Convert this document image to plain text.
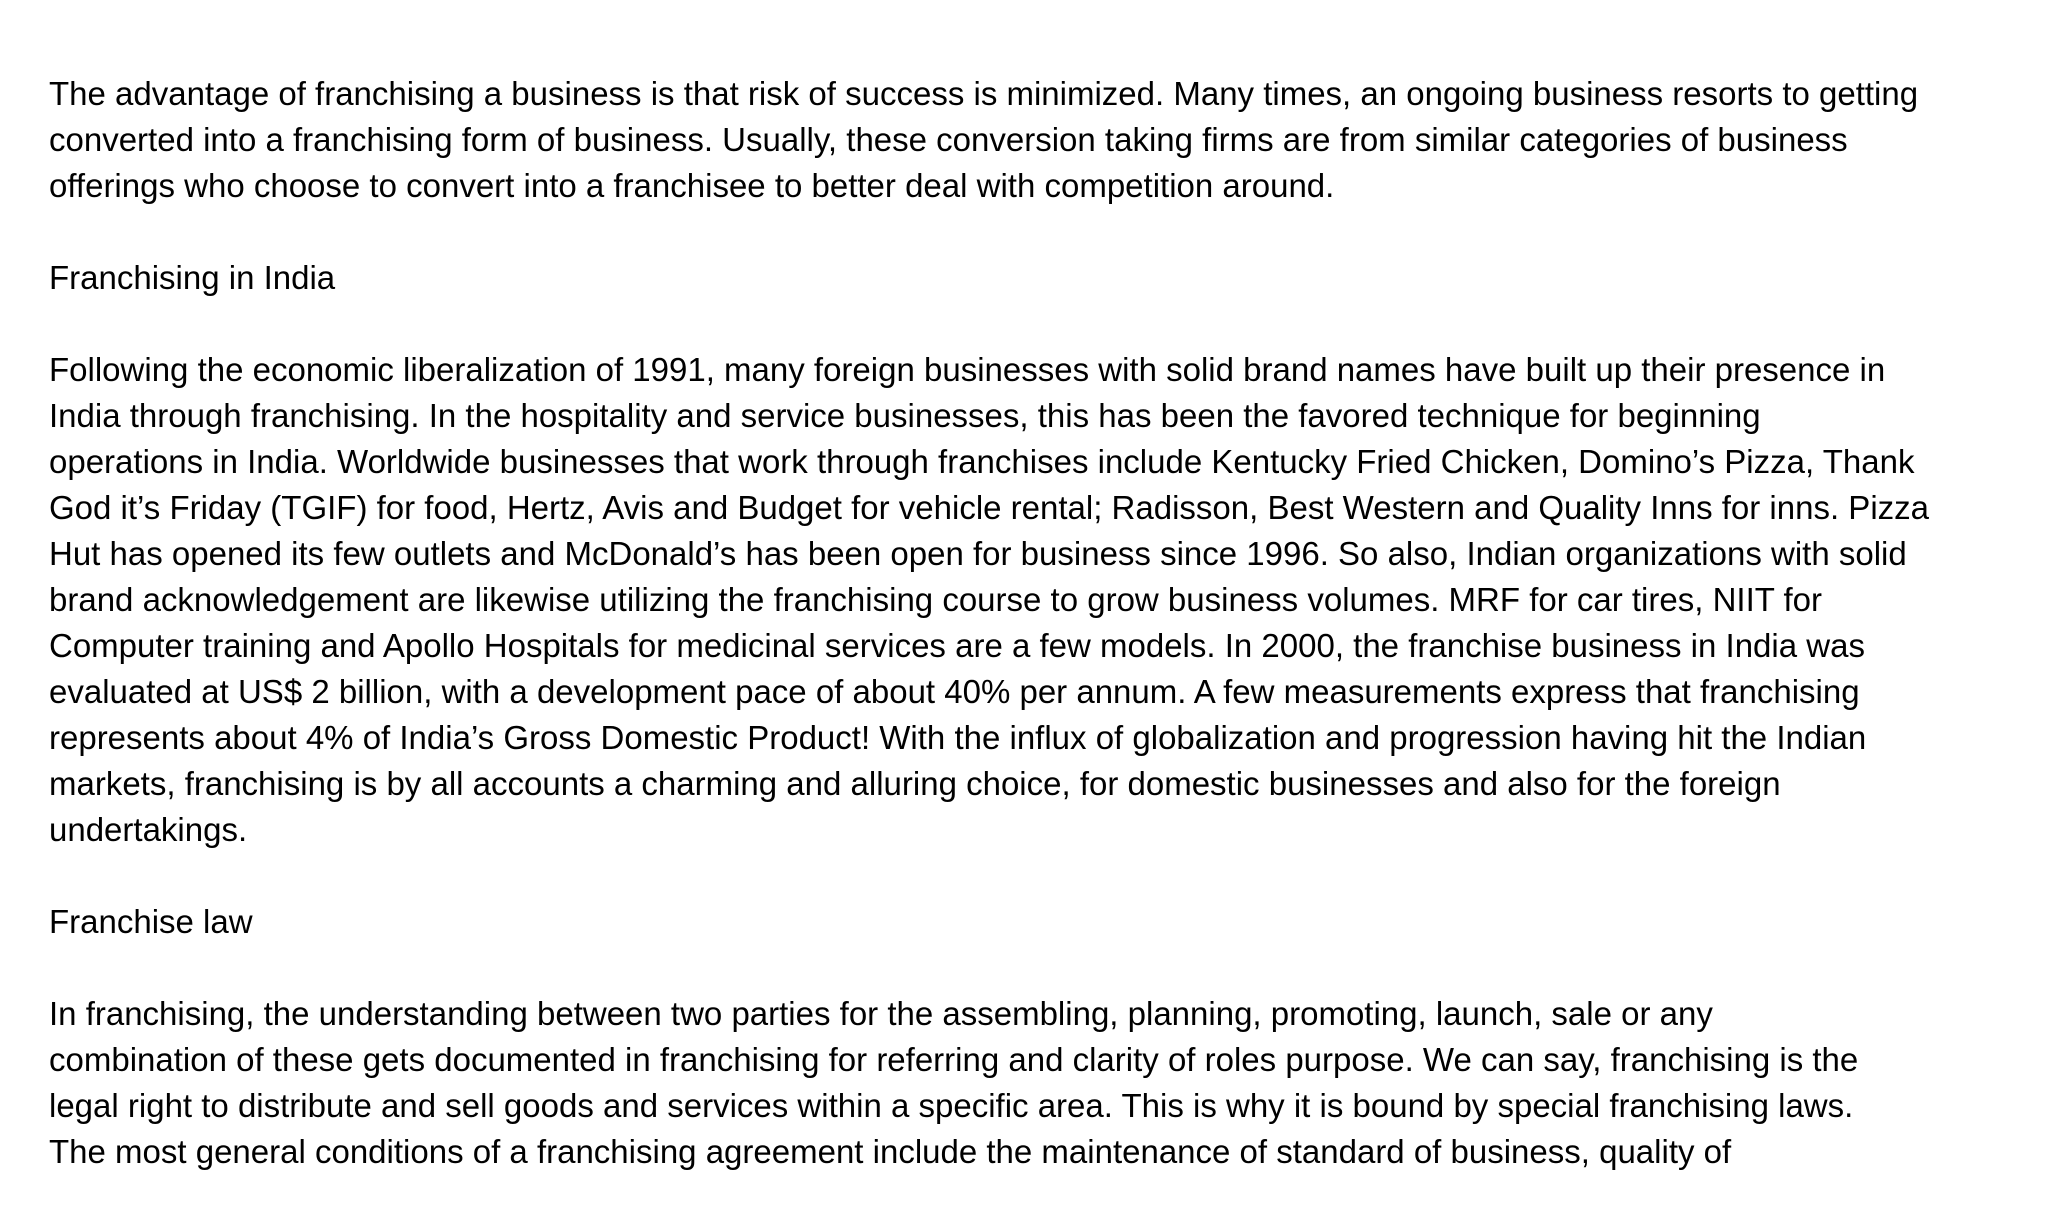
The advantage of franchising a business is that risk of success is minimized. Many times, an ongoing business resorts to getting
converted into a franchising form of business. Usually, these conversion taking firms are from similar categories of business
offerings who choose to convert into a franchisee to better deal with competition around.

Franchising in India

Following the economic liberalization of 1991, many foreign businesses with solid brand names have built up their presence in
India through franchising. In the hospitality and service businesses, this has been the favored technique for beginning
operations in India. Worldwide businesses that work through franchises include Kentucky Fried Chicken, Domino’s Pizza, Thank
God it’s Friday (TGIF) for food, Hertz, Avis and Budget for vehicle rental; Radisson, Best Western and Quality Inns for inns. Pizza
Hut has opened its few outlets and McDonald’s has been open for business since 1996. So also, Indian organizations with solid
brand acknowledgement are likewise utilizing the franchising course to grow business volumes. MRF for car tires, NIIT for
Computer training and Apollo Hospitals for medicinal services are a few models. In 2000, the franchise business in India was
evaluated at US$ 2 billion, with a development pace of about 40% per annum. A few measurements express that franchising
represents about 4% of India’s Gross Domestic Product! With the influx of globalization and progression having hit the Indian
markets, franchising is by all accounts a charming and alluring choice, for domestic businesses and also for the foreign
undertakings.

Franchise law

In franchising, the understanding between two parties for the assembling, planning, promoting, launch, sale or any
combination of these gets documented in franchising for referring and clarity of roles purpose. We can say, franchising is the
legal right to distribute and sell goods and services within a specific area. This is why it is bound by special franchising laws.
The most general conditions of a franchising agreement include the maintenance of standard of business, quality of
